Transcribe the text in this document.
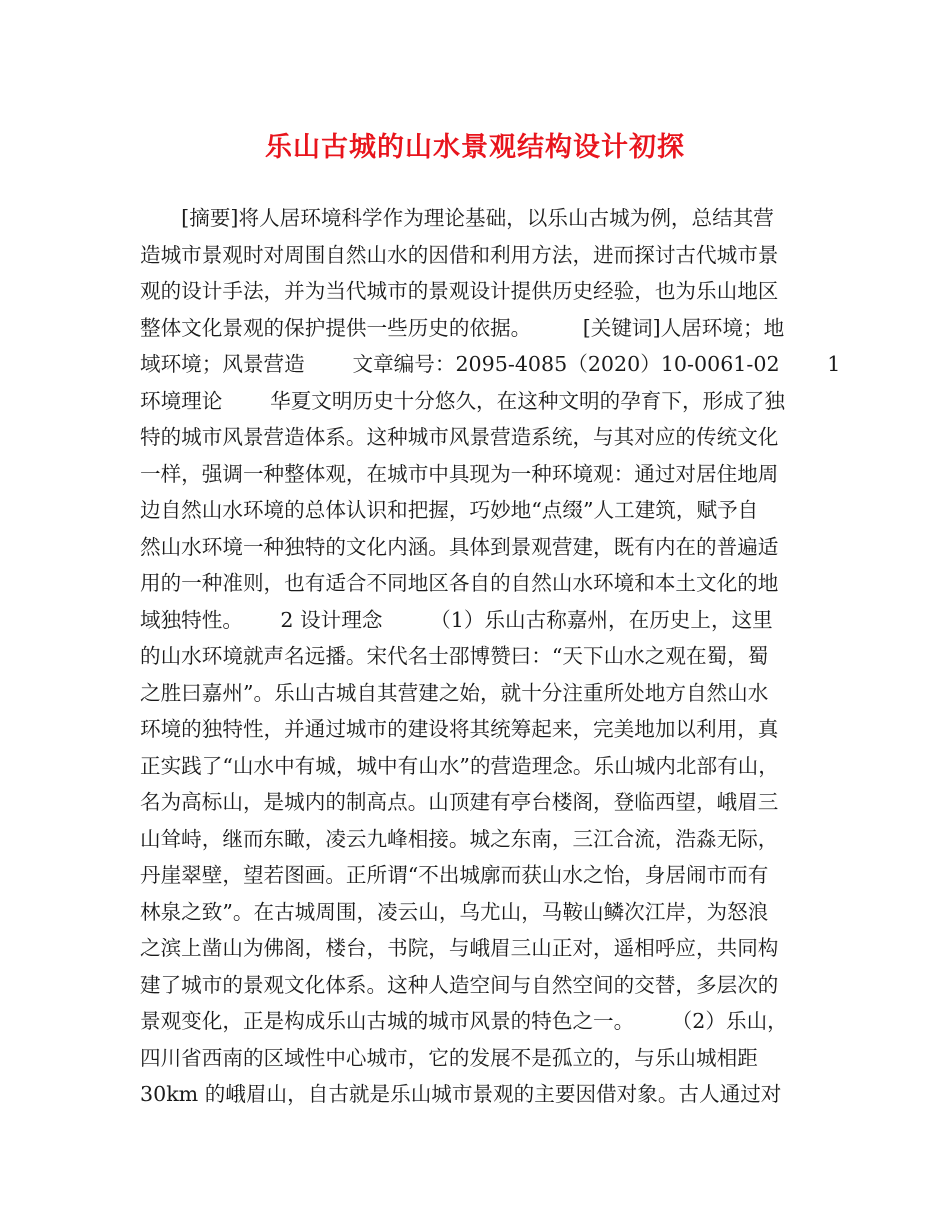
乐山古城的山水景观结构设计初探
　　[摘要]将人居环境科学作为理论基础，以乐山古城为例，总结其营
造城市景观时对周围自然山水的因借和利用方法，进而探讨古代城市景
观的设计手法，并为当代城市的景观设计提供历史经验，也为乐山地区
整体文化景观的保护提供一些历史的依据。　　　[关键词]人居环境；地
域环境；风景营造　　 文章编号：2095-4085（2020）10-0061-02　　 1
环境理论　　 华夏文明历史十分悠久，在这种文明的孕育下，形成了独
特的城市风景营造体系。这种城市风景营造系统，与其对应的传统文化
一样，强调一种整体观，在城市中具现为一种环境观：通过对居住地周
边自然山水环境的总体认识和把握，巧妙地“点缀”人工建筑，赋予自
然山水环境一种独特的文化内涵。具体到景观营建，既有内在的普遍适
用的一种准则，也有适合不同地区各自的自然山水环境和本土文化的地
域独特性。　　 2 设计理念　　 （1）乐山古称嘉州，在历史上，这里
的山水环境就声名远播。宋代名士邵博赞曰：“天下山水之观在蜀，蜀
之胜曰嘉州”。乐山古城自其营建之始，就十分注重所处地方自然山水
环境的独特性，并通过城市的建设将其统筹起来，完美地加以利用，真
正实践了“山水中有城，城中有山水”的营造理念。乐山城内北部有山，
名为高标山，是城内的制高点。山顶建有亭台楼阁，登临西望，峨眉三
山耸峙，继而东瞰，凌云九峰相接。城之东南，三江合流，浩淼无际，
丹崖翠壁，望若图画。正所谓“不出城廓而获山水之怡，身居闹市而有
林泉之致”。在古城周围，凌云山，乌尤山，马鞍山鳞次江岸，为怒浪
之滨上凿山为佛阁，楼台，书院，与峨眉三山正对，遥相呼应，共同构
建了城市的景观文化体系。这种人造空间与自然空间的交替，多层次的
景观变化，正是构成乐山古城的城市风景的特色之一。　　 （2）乐山，
四川省西南的区域性中心城市，它的发展不是孤立的，与乐山城相距
30km 的峨眉山，自古就是乐山城市景观的主要因借对象。古人通过对
